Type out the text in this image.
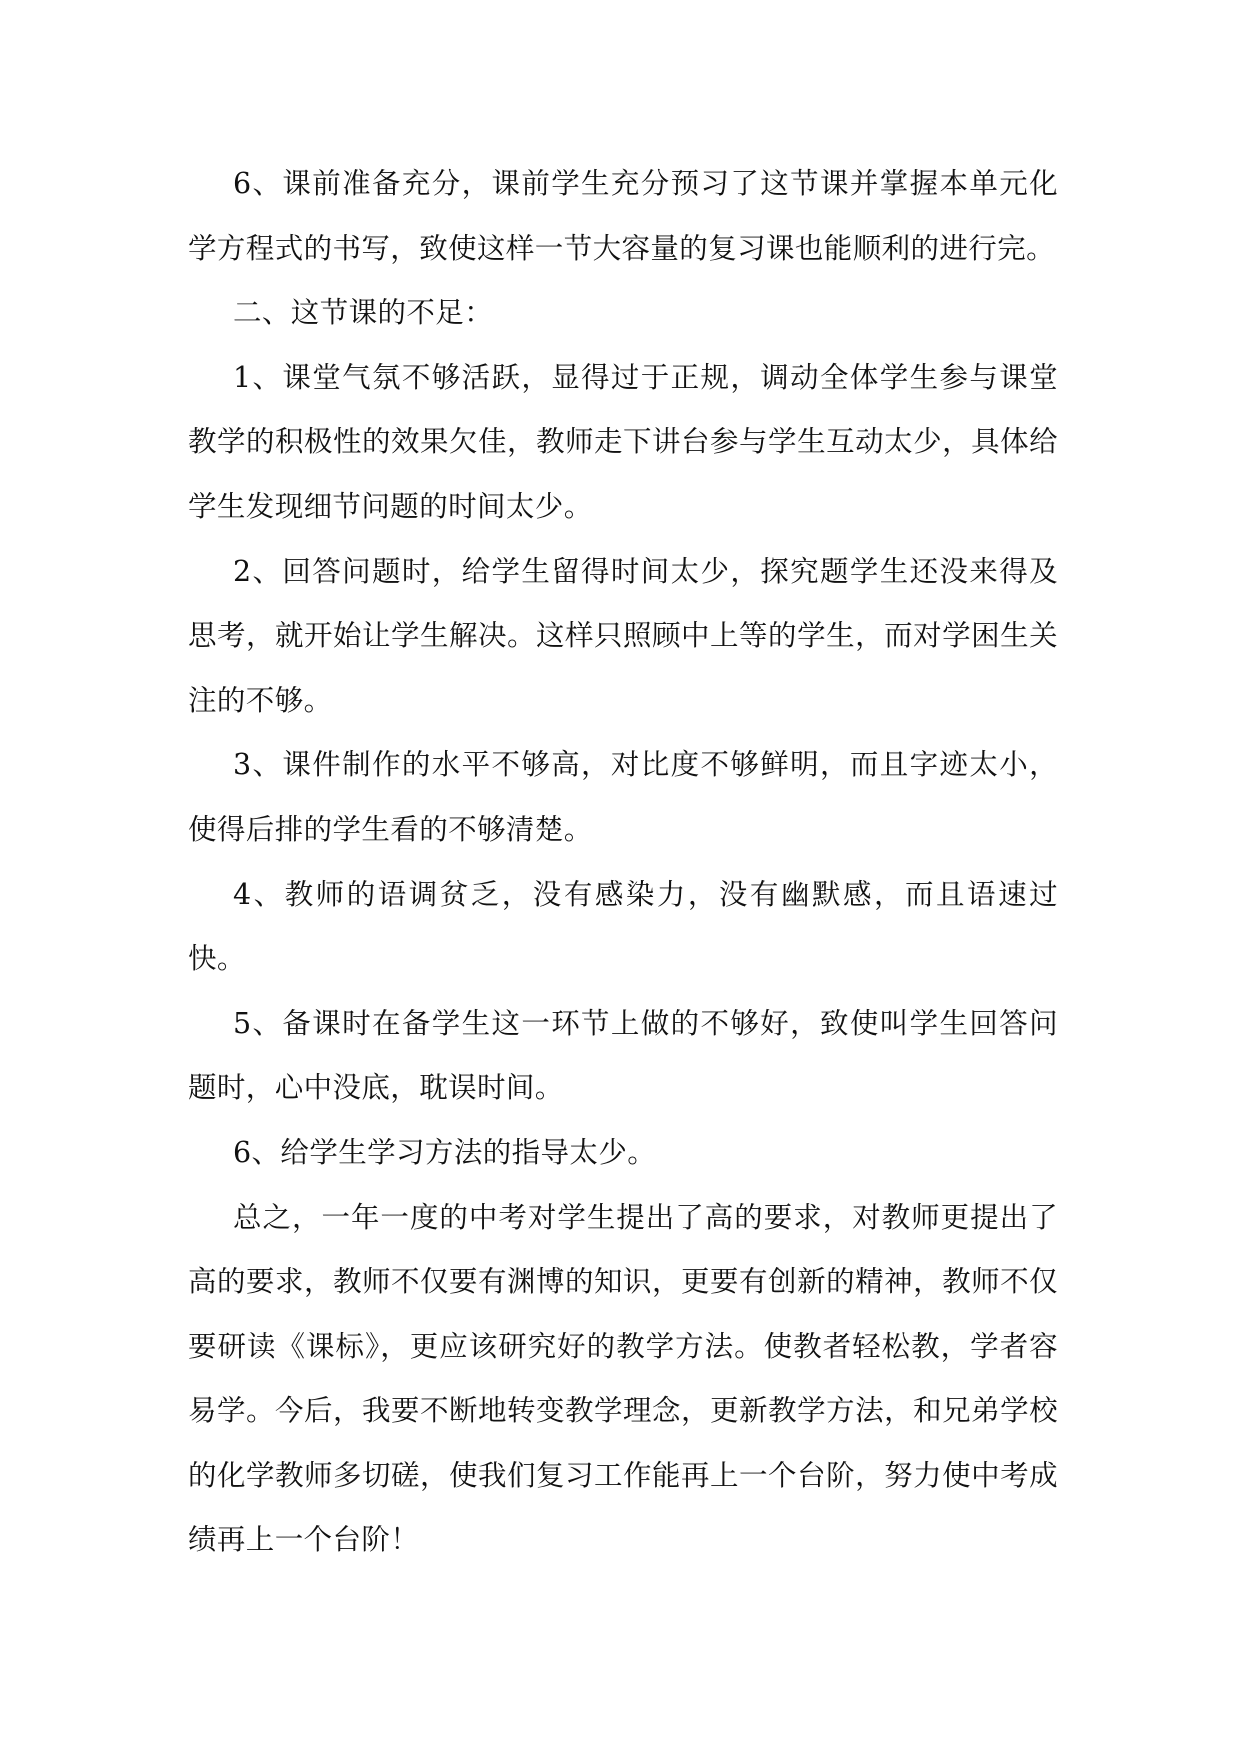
6、课前准备充分，课前学生充分预习了这节课并掌握本单元化学方程式的书写，致使这样一节大容量的复习课也能顺利的进行完。

二、这节课的不足：

1、课堂气氛不够活跃，显得过于正规，调动全体学生参与课堂教学的积极性的效果欠佳，教师走下讲台参与学生互动太少，具体给学生发现细节问题的时间太少。

2、回答问题时，给学生留得时间太少，探究题学生还没来得及思考，就开始让学生解决。这样只照顾中上等的学生，而对学困生关注的不够。

3、课件制作的水平不够高，对比度不够鲜明，而且字迹太小，使得后排的学生看的不够清楚。

4、教师的语调贫乏，没有感染力，没有幽默感，而且语速过快。

5、备课时在备学生这一环节上做的不够好，致使叫学生回答问题时，心中没底，耽误时间。

6、给学生学习方法的指导太少。

总之，一年一度的中考对学生提出了高的要求，对教师更提出了高的要求，教师不仅要有渊博的知识，更要有创新的精神，教师不仅要研读《课标》，更应该研究好的教学方法。使教者轻松教，学者容易学。今后，我要不断地转变教学理念，更新教学方法，和兄弟学校的化学教师多切磋，使我们复习工作能再上一个台阶，努力使中考成绩再上一个台阶！
